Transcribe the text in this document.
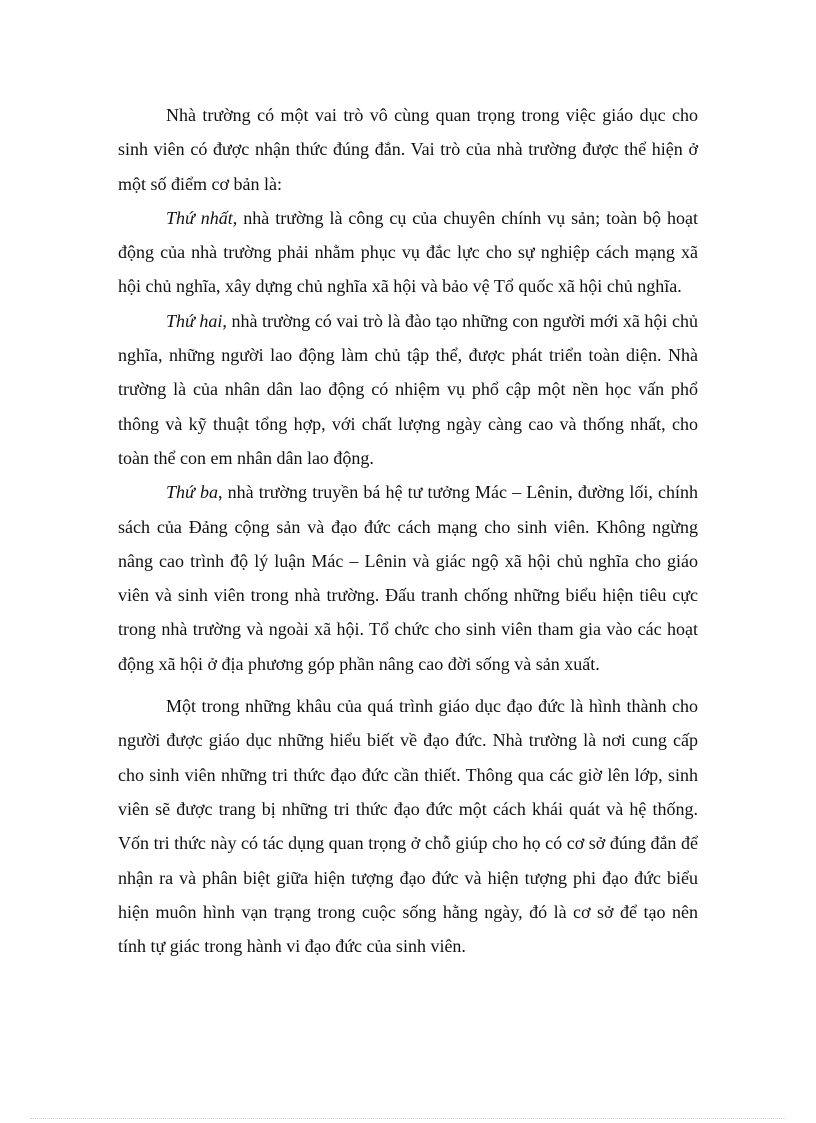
Nhà trường có một vai trò vô cùng quan trọng trong việc giáo dục cho sinh viên có được nhận thức đúng đắn. Vai trò của nhà trường được thể hiện ở một số điểm cơ bản là:

Thứ nhất, nhà trường là công cụ của chuyên chính vụ sản; toàn bộ hoạt động của nhà trường phải nhằm phục vụ đắc lực cho sự nghiệp cách mạng xã hội chủ nghĩa, xây dựng chủ nghĩa xã hội và bảo vệ Tổ quốc xã hội chủ nghĩa.

Thứ hai, nhà trường có vai trò là đào tạo những con người mới xã hội chủ nghĩa, những người lao động làm chủ tập thể, được phát triển toàn diện. Nhà trường là của nhân dân lao động có nhiệm vụ phổ cập một nền học vấn phổ thông và kỹ thuật tổng hợp, với chất lượng ngày càng cao và thống nhất, cho toàn thể con em nhân dân lao động.

Thứ ba, nhà trường truyền bá hệ tư tưởng Mác – Lênin, đường lối, chính sách của Đảng cộng sản và đạo đức cách mạng cho sinh viên. Không ngừng nâng cao trình độ lý luận Mác – Lênin và giác ngộ xã hội chủ nghĩa cho giáo viên và sinh viên trong nhà trường. Đấu tranh chống những biểu hiện tiêu cực trong nhà trường và ngoài xã hội. Tổ chức cho sinh viên tham gia vào các hoạt động xã hội ở địa phương góp phần nâng cao đời sống và sản xuất.

Một trong những khâu của quá trình giáo dục đạo đức là hình thành cho người được giáo dục những hiểu biết về đạo đức. Nhà trường là nơi cung cấp cho sinh viên những tri thức đạo đức cần thiết. Thông qua các giờ lên lớp, sinh viên sẽ được trang bị những tri thức đạo đức một cách khái quát và hệ thống. Vốn tri thức này có tác dụng quan trọng ở chỗ giúp cho họ có cơ sở đúng đắn để nhận ra và phân biệt giữa hiện tượng đạo đức và hiện tượng phi đạo đức biểu hiện muôn hình vạn trạng trong cuộc sống hằng ngày, đó là cơ sở để tạo nên tính tự giác trong hành vi đạo đức của sinh viên.
